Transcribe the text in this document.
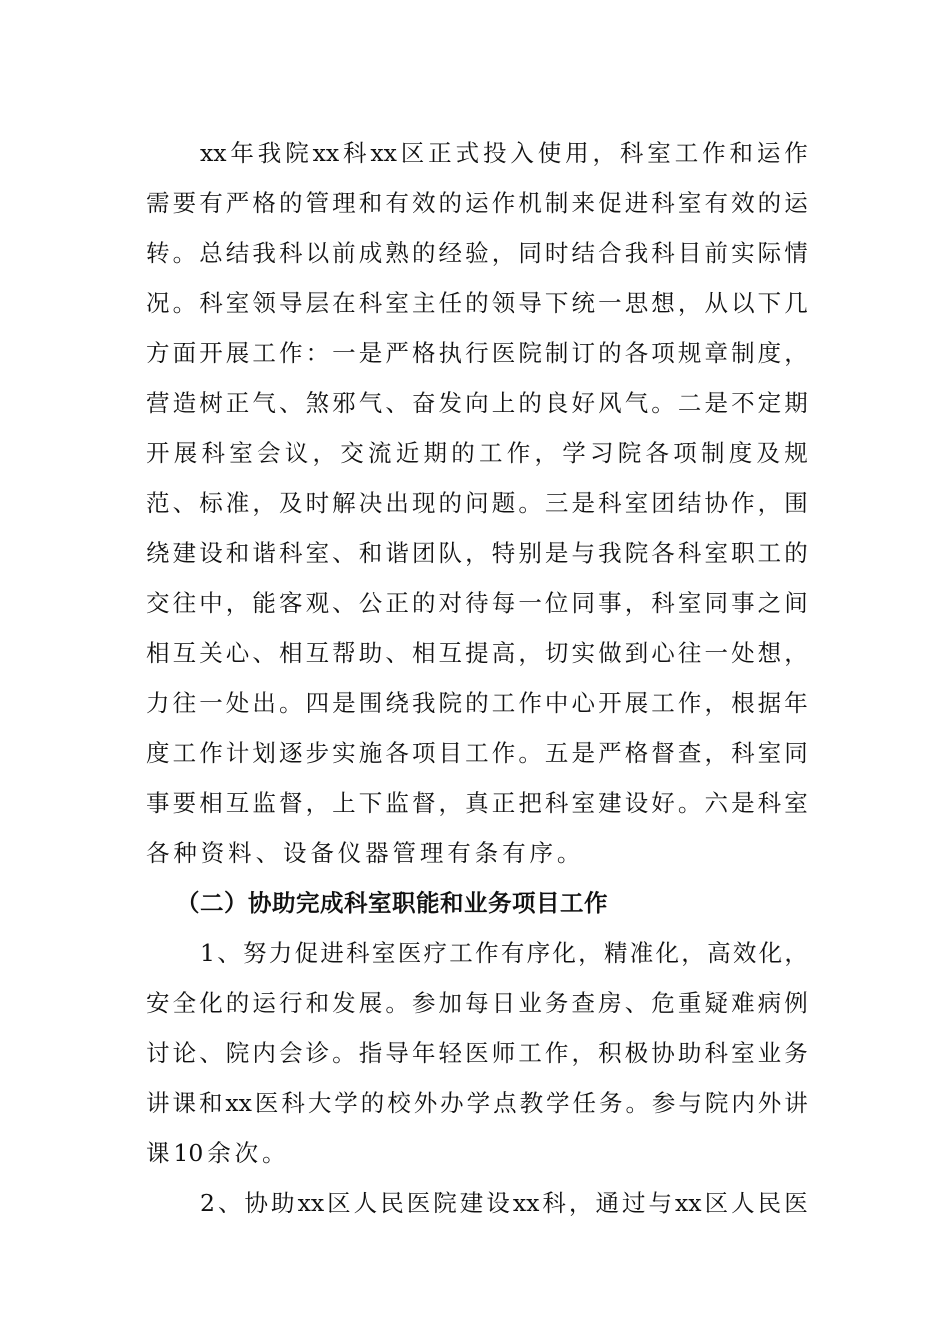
xx 年 我 院 xx 科 xx 区 正 式 投 入 使 用 ， 科 室 工 作 和 运 作
需 要 有 严 格 的 管 理 和 有 效 的 运 作 机 制 来 促 进 科 室 有 效 的 运
转 。 总 结 我 科 以 前 成 熟 的 经 验 ， 同 时 结 合 我 科 目 前 实 际 情
况 。 科 室 领 导 层 在 科 室 主 任 的 领 导 下 统 一 思 想 ， 从 以 下 几
方 面 开 展 工 作 ： 一 是 严 格 执 行 医 院 制 订 的 各 项 规 章 制 度 ，
营 造 树 正 气 、 煞 邪 气 、 奋 发 向 上 的 良 好 风 气 。 二 是 不 定 期
开 展 科 室 会 议 ， 交 流 近 期 的 工 作 ， 学 习 院 各 项 制 度 及 规
范 、 标 准 ， 及 时 解 决 出 现 的 问 题 。 三 是 科 室 团 结 协 作 ， 围
绕 建 设 和 谐 科 室 、 和 谐 团 队 ， 特 别 是 与 我 院 各 科 室 职 工 的
交 往 中 ， 能 客 观 、 公 正 的 对 待 每 一 位 同 事 ， 科 室 同 事 之 间
相 互 关 心 、 相 互 帮 助 、 相 互 提 高 ， 切 实 做 到 心 往 一 处 想 ，
力 往 一 处 出 。 四 是 围 绕 我 院 的 工 作 中 心 开 展 工 作 ， 根 据 年
度 工 作 计 划 逐 步 实 施 各 项 目 工 作 。 五 是 严 格 督 查 ， 科 室 同
事 要 相 互 监 督 ， 上 下 监 督 ， 真 正 把 科 室 建 设 好 。 六 是 科 室
各 种 资 料 、 设 备 仪 器 管 理 有 条 有 序 。
（二）协助完成科室职能和业务项目工作
1 、 努 力 促 进 科 室 医 疗 工 作 有 序 化 ， 精 准 化 ， 高 效 化 ，
安 全 化 的 运 行 和 发 展 。 参 加 每 日 业 务 查 房 、 危 重 疑 难 病 例
讨 论 、 院 内 会 诊 。 指 导 年 轻 医 师 工 作 ， 积 极 协 助 科 室 业 务
讲 课 和 xx 医 科 大 学 的 校 外 办 学 点 教 学 任 务 。 参 与 院 内 外 讲
课 10 余 次 。
2 、 协 助 xx 区 人 民 医 院 建 设 xx 科 ， 通 过 与 xx 区 人 民 医
